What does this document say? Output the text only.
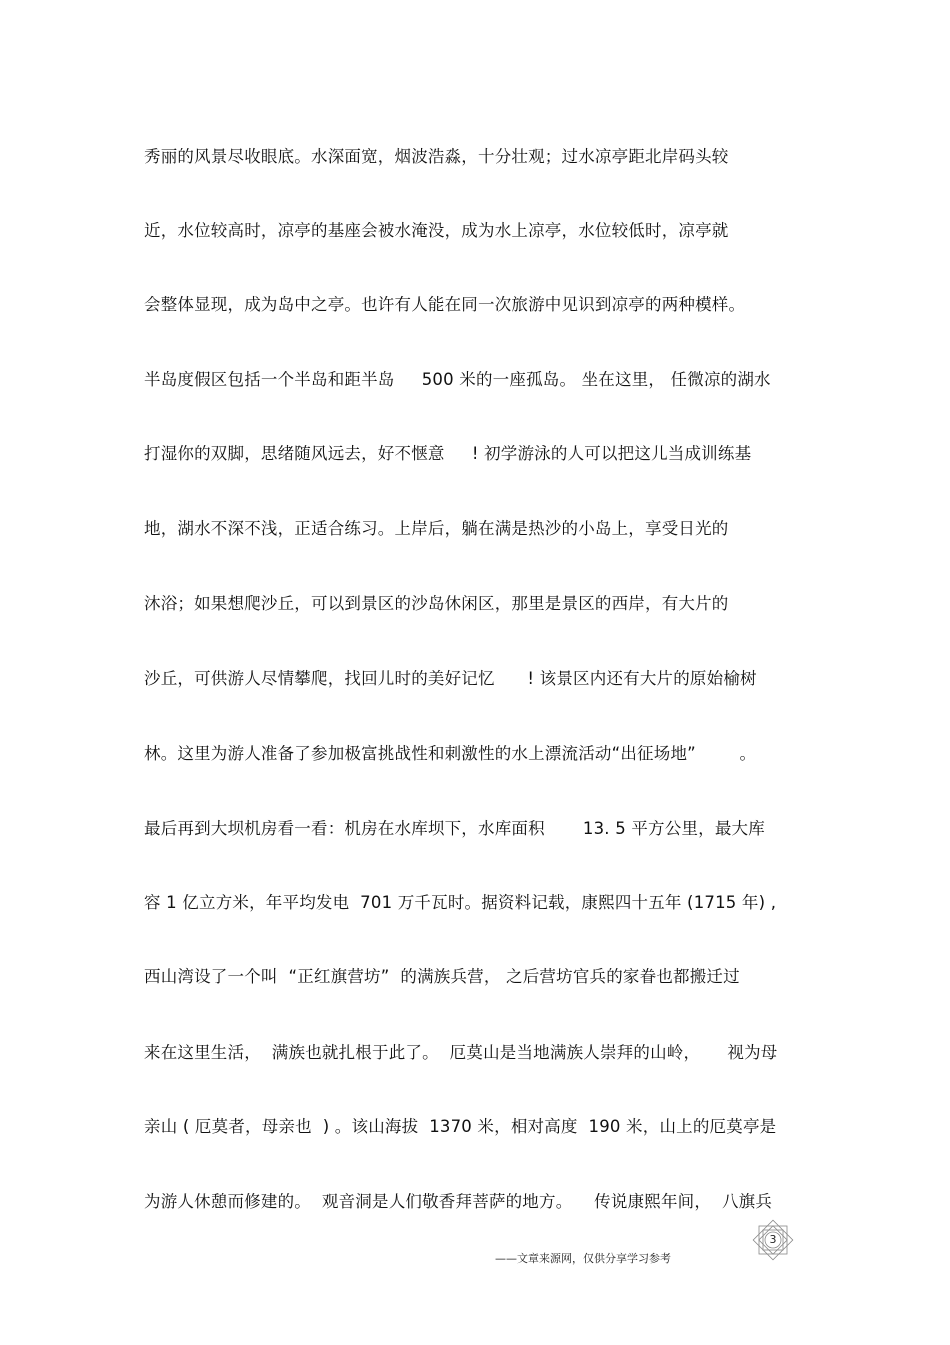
秀丽的风景尽收眼底。水深面宽，烟波浩淼，十分壮观；过水凉亭距北岸码头较
近，水位较高时，凉亭的基座会被水淹没，成为水上凉亭，水位较低时，凉亭就
会整体显现，成为岛中之亭。也许有人能在同一次旅游中见识到凉亭的两种模样。
半岛度假区包括一个半岛和距半岛     500 米的一座孤岛。 坐在这里， 任微凉的湖水
打湿你的双脚，思绪随风远去，好不惬意     ! 初学游泳的人可以把这儿当成训练基
地，湖水不深不浅，正适合练习。上岸后，躺在满是热沙的小岛上，享受日光的
沐浴；如果想爬沙丘，可以到景区的沙岛休闲区，那里是景区的西岸，有大片的
沙丘，可供游人尽情攀爬，找回儿时的美好记忆      ! 该景区内还有大片的原始榆树
林。这里为游人准备了参加极富挑战性和刺激性的水上漂流活动“出征场地”        。
最后再到大坝机房看一看：机房在水库坝下，水库面积       13. 5 平方公里，最大库
容 1 亿立方米，年平均发电  701 万千瓦时。据资料记载，康熙四十五年 (1715 年) ,
西山湾设了一个叫  “正红旗营坊”  的满族兵营， 之后营坊官兵的家眷也都搬迁过
来在这里生活，  满族也就扎根于此了。  厄莫山是当地满族人崇拜的山岭，     视为母
亲山 ( 厄莫者，母亲也  ) 。该山海拔  1370 米，相对高度  190 米，山上的厄莫亭是
为游人休憩而修建的。  观音洞是人们敬香拜菩萨的地方。    传说康熙年间，  八旗兵
——文章来源网，仅供分享学习参考
3
